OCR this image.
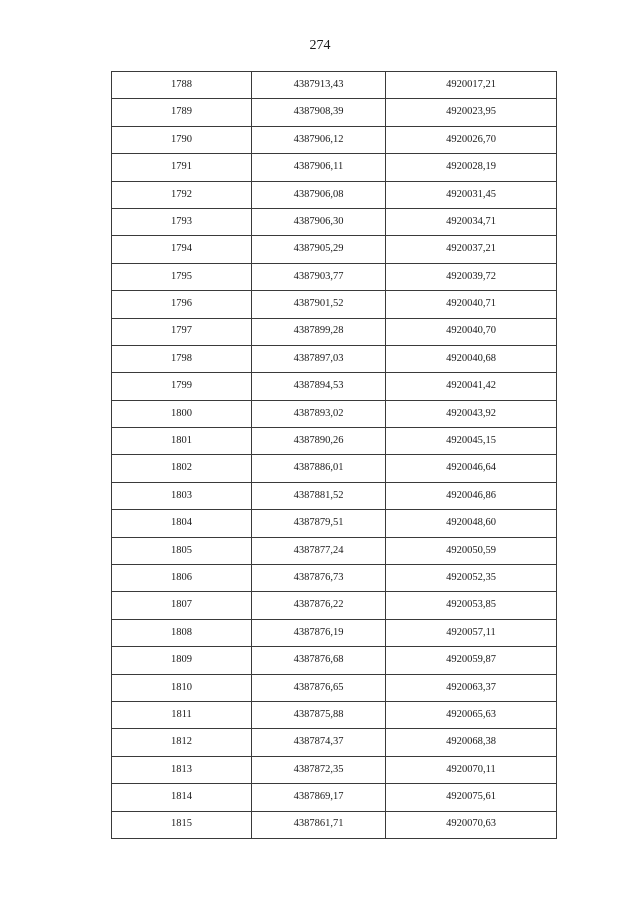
274
1788	4387913,43	4920017,21
1789	4387908,39	4920023,95
1790	4387906,12	4920026,70
1791	4387906,11	4920028,19
1792	4387906,08	4920031,45
1793	4387906,30	4920034,71
1794	4387905,29	4920037,21
1795	4387903,77	4920039,72
1796	4387901,52	4920040,71
1797	4387899,28	4920040,70
1798	4387897,03	4920040,68
1799	4387894,53	4920041,42
1800	4387893,02	4920043,92
1801	4387890,26	4920045,15
1802	4387886,01	4920046,64
1803	4387881,52	4920046,86
1804	4387879,51	4920048,60
1805	4387877,24	4920050,59
1806	4387876,73	4920052,35
1807	4387876,22	4920053,85
1808	4387876,19	4920057,11
1809	4387876,68	4920059,87
1810	4387876,65	4920063,37
1811	4387875,88	4920065,63
1812	4387874,37	4920068,38
1813	4387872,35	4920070,11
1814	4387869,17	4920075,61
1815	4387861,71	4920070,63
